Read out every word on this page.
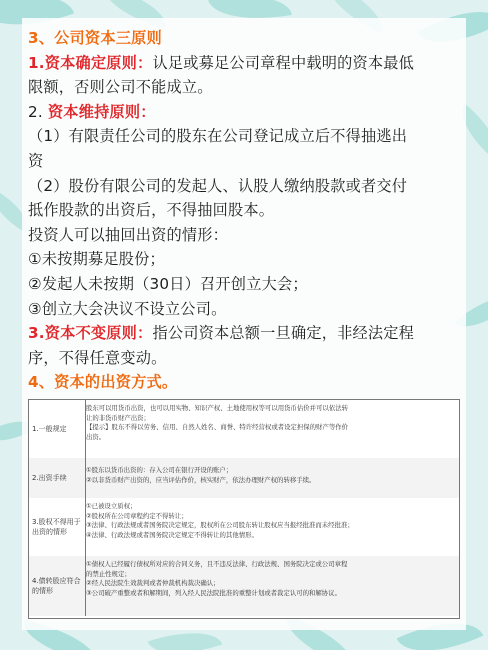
3、公司资本三原则

1.资本确定原则：认足或募足公司章程中载明的资本最低

限额，否则公司不能成立。

2. 资本维持原则：

（1）有限责任公司的股东在公司登记成立后不得抽逃出

资

（2）股份有限公司的发起人、认股人缴纳股款或者交付

抵作股款的出资后，不得抽回股本。

投资人可以抽回出资的情形：

①未按期募足股份；

②发起人未按期（30日）召开创立大会；

③创立大会决议不设立公司。

3.资本不变原则：指公司资本总额一旦确定，非经法定程

序，不得任意变动。

4、资本的出资方式。

1.一般规定

股东可以用货币出资，也可以用实物、知识产权、土地使用权等可以用货币估价并可以依法转

让的非货币财产出资；

【提示】股东不得以劳务、信用、自然人姓名、商誉、特许经营权或者设定担保的财产等作价

出资。

2.出资手续

①股东以货币出资的：存入公司在银行开设的账户；

②以非货币财产出资的，应当评估作价，核实财产，依法办理财产权的转移手续。

3.股权不得用于出资的情形

①已被设立质权；

②股权所在公司章程约定不得转让；

③法律、行政法规或者国务院决定规定，股权所在公司股东转让股权应当报经批准而未经批准；

④法律、行政法规或者国务院决定规定不得转让的其他情形。

4.债转股应符合的情形

①债权人已经履行债权所对应的合同义务，且不违反法律、行政法规、国务院决定或公司章程

的禁止性规定；

②经人民法院生效裁判或者仲裁机构裁决确认；

③公司破产重整或者和解期间，列入经人民法院批准的重整计划或者裁定认可的和解协议。
